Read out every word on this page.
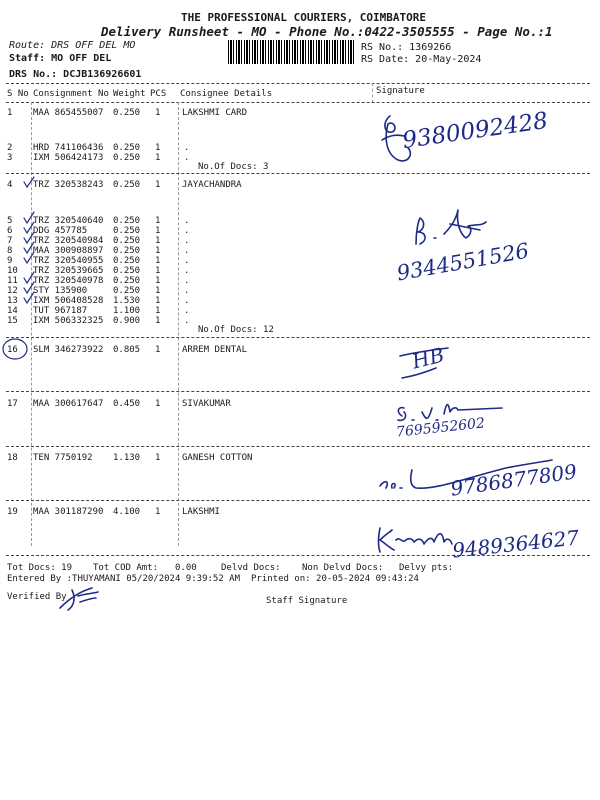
THE PROFESSIONAL COURIERS, COIMBATORE
Delivery Runsheet - MO - Phone No.:0422-3505555 - Page No.:1
Route: DRS OFF DEL MO
Staff: MO OFF DEL
RS No.: 1369266
RS Date: 20-May-2024
DRS No.: DCJB136926601
S No Consignment No Weight PCS Consignee Details	Signature
1 MAA 865455007 0.250 1 LAKSHMI CARD
2 HRD 741106436 0.250 1	.
3 IXM 506424173 0.250 1	.
No.Of Docs: 3
4 TRZ 320538243 0.250 1 JAYACHANDRA
5 TRZ 320540640 0.250 1	.
6 DDG 457785	0.250 1	.
7 TRZ 320540984 0.250 1	.
8 MAA 300908897 0.250 1	.
9 TRZ 320540955 0.250 1	.
10 TRZ 320539665 0.250 1	.
11 TRZ 320540978 0.250 1	.
12 STY 135900	0.250 1	.
13 IXM 506408528 1.530 1	.
14 TUT 967187	1.100 1	.
15 IXM 506332325 0.900 1	.
No.Of Docs: 12
16 SLM 346273922 0.805 1 ARREM DENTAL
17 MAA 300617647 0.450 1 SIVAKUMAR
18 TEN 7750192 1.130 1 GANESH COTTON
19 MAA 301187290 4.100 1 LAKSHMI
9380092428
9344551526
HB
7695952602
9786877809
9489364627
Tot Docs: 19 Tot COD Amt: 0.00	Delvd Docs: Non Delvd Docs: Delvy pts:
Entered By :THUYAMANI 05/20/2024 9:39:52 AM Printed on: 20-05-2024 09:43:24
Verified By	Staff Signature
